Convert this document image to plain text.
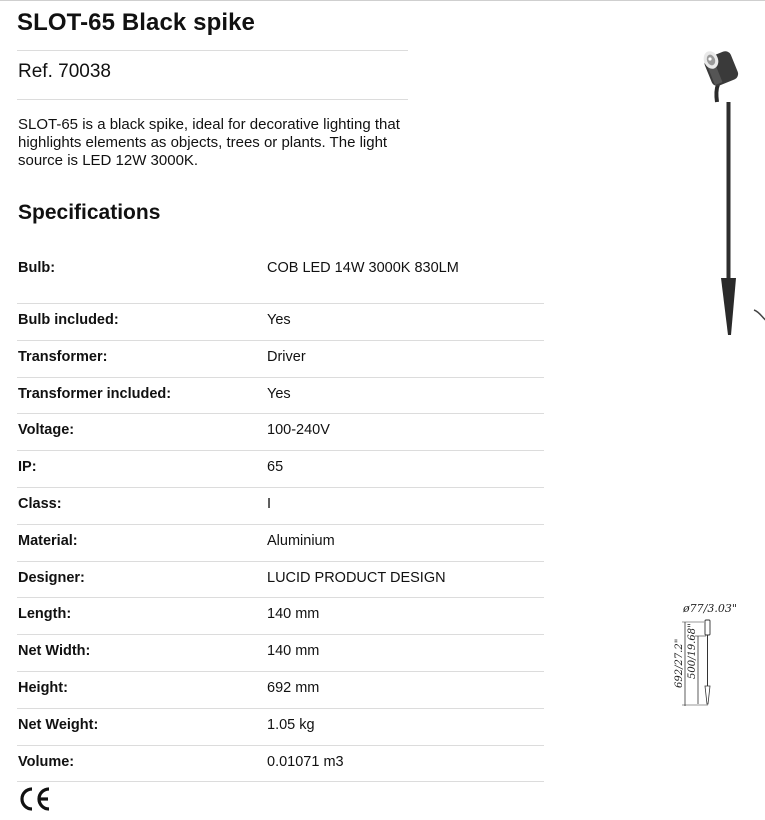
SLOT-65 Black spike
Ref. 70038
SLOT-65 is a black spike, ideal for decorative lighting that highlights elements as objects, trees or plants. The light source is LED 12W 3000K.
Specifications
Bulb:	COB LED 14W 3000K 830LM
Bulb included:	Yes
Transformer:	Driver
Transformer included:	Yes
Voltage:	100-240V
IP:	65
Class:	I
Material:	Aluminium
Designer:	LUCID PRODUCT DESIGN
Length:	140 mm
Net Width:	140 mm
Height:	692 mm
Net Weight:	1.05 kg
Volume:	0.01071 m3
ø77/3.03"
692/27.2" 500/19.68"
